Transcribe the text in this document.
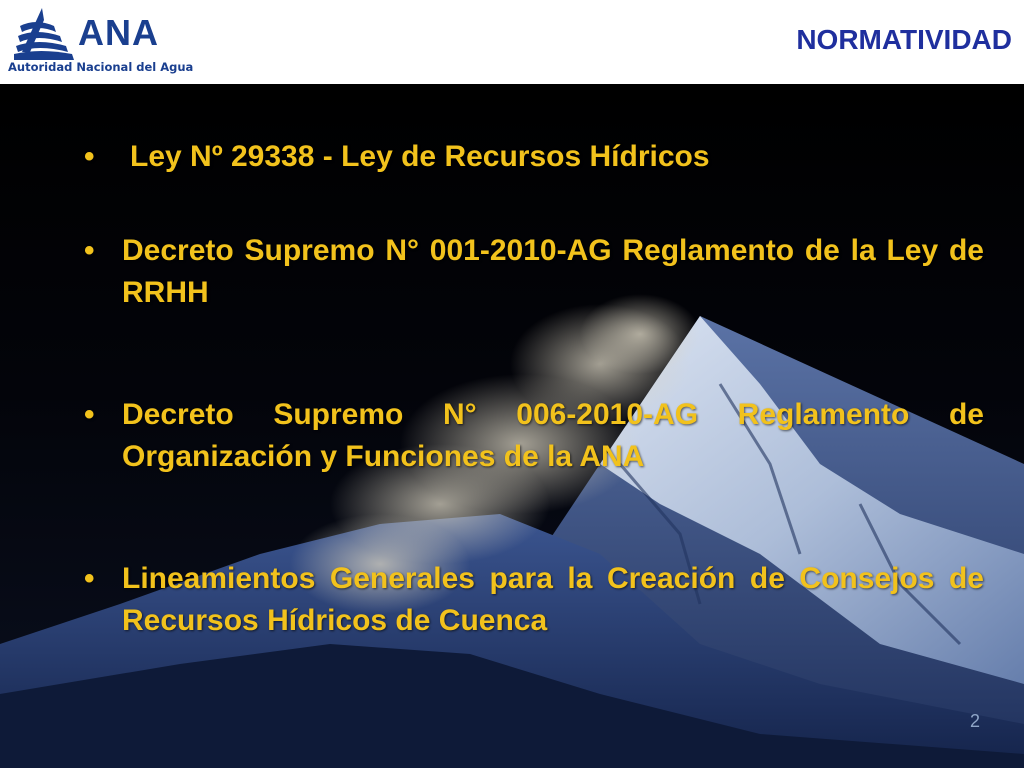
ANA
Autoridad Nacional del Agua
NORMATIVIDAD
•	Ley Nº 29338 - Ley de Recursos Hídricos
• Decreto Supremo N° 001-2010-AG Reglamento de la Ley de RRHH
• Decreto Supremo N° 006-2010-AG Reglamento de Organización y Funciones de la ANA
• Lineamientos Generales para la Creación de Consejos de Recursos Hídricos de Cuenca
2
